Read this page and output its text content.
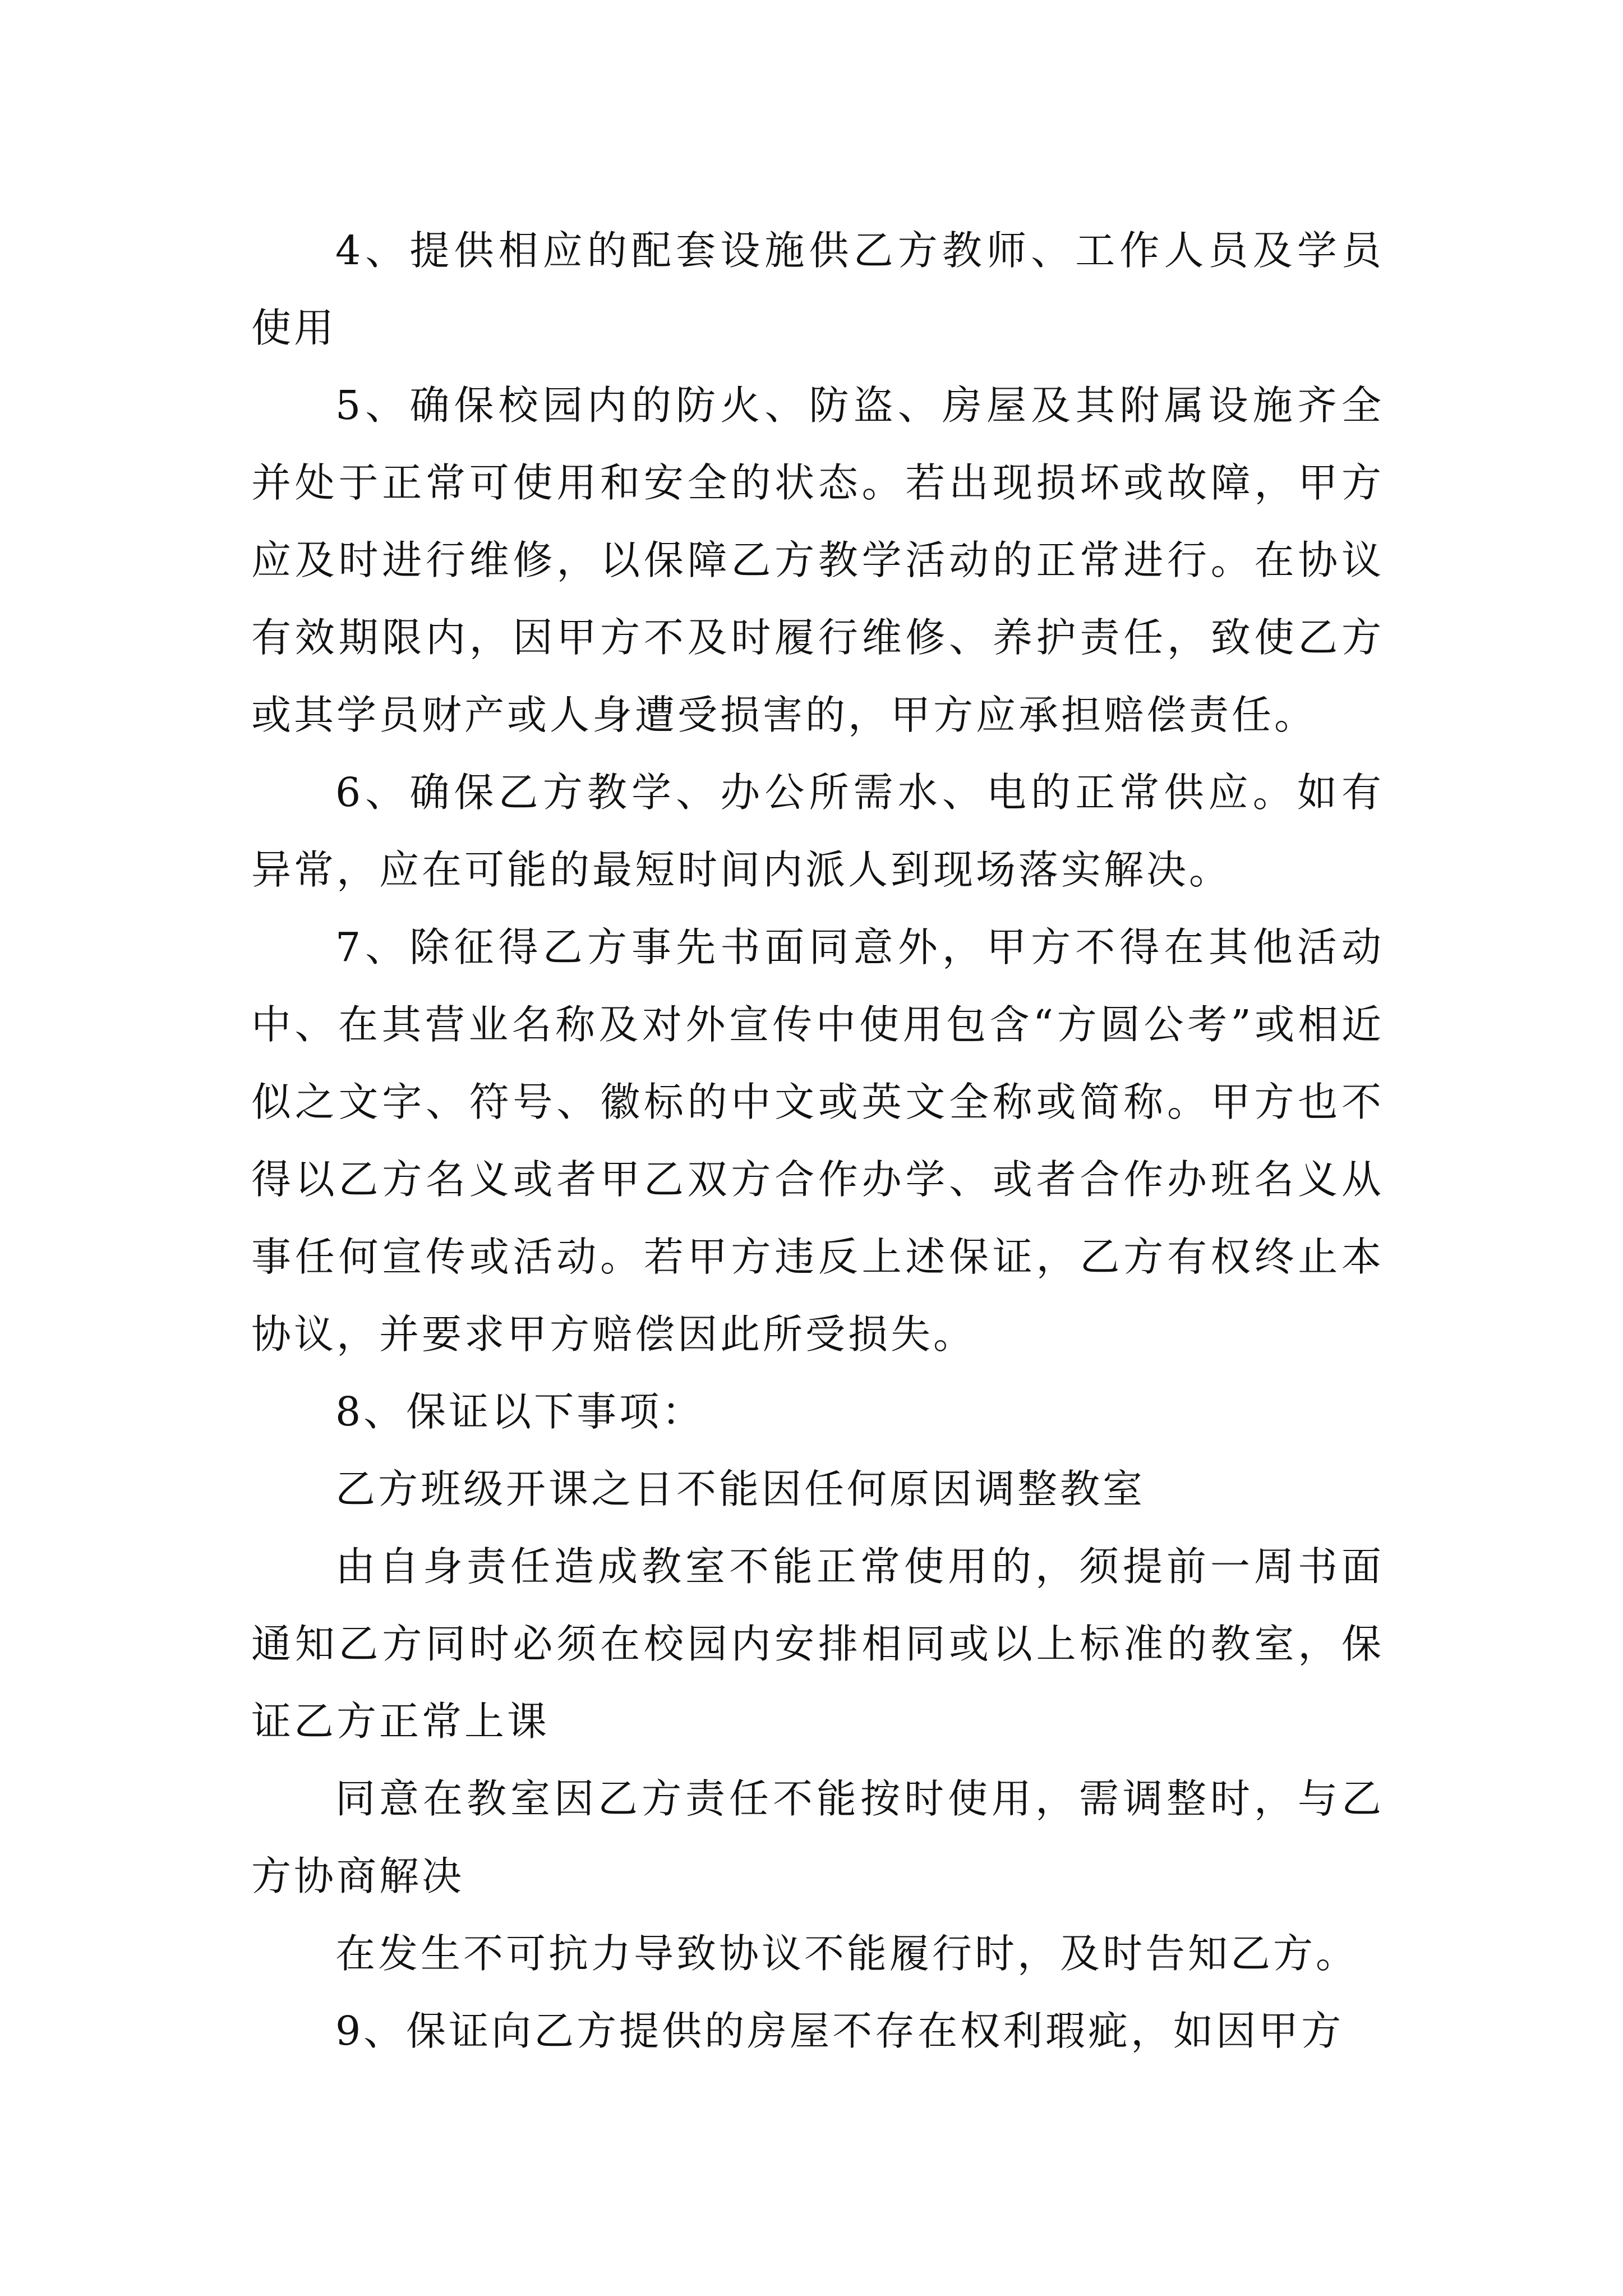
4、提供相应的配套设施供乙方教师、工作人员及学员使用

5、确保校园内的防火、防盗、房屋及其附属设施齐全并处于正常可使用和安全的状态。若出现损坏或故障，甲方应及时进行维修，以保障乙方教学活动的正常进行。在协议有效期限内，因甲方不及时履行维修、养护责任，致使乙方或其学员财产或人身遭受损害的，甲方应承担赔偿责任。

6、确保乙方教学、办公所需水、电的正常供应。如有异常，应在可能的最短时间内派人到现场落实解决。

7、除征得乙方事先书面同意外，甲方不得在其他活动中、在其营业名称及对外宣传中使用包含“方圆公考”或相近似之文字、符号、徽标的中文或英文全称或简称。甲方也不得以乙方名义或者甲乙双方合作办学、或者合作办班名义从事任何宣传或活动。若甲方违反上述保证，乙方有权终止本协议，并要求甲方赔偿因此所受损失。

8、保证以下事项：

乙方班级开课之日不能因任何原因调整教室

由自身责任造成教室不能正常使用的，须提前一周书面通知乙方同时必须在校园内安排相同或以上标准的教室，保证乙方正常上课

同意在教室因乙方责任不能按时使用，需调整时，与乙方协商解决

在发生不可抗力导致协议不能履行时，及时告知乙方。

9、保证向乙方提供的房屋不存在权利瑕疵，如因甲方
